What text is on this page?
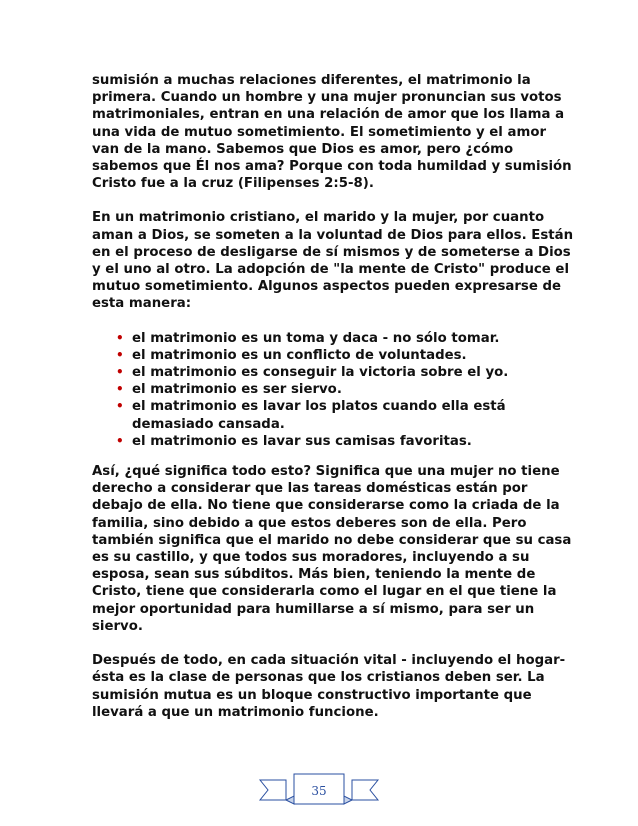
sumisión a muchas relaciones diferentes, el matrimonio la
primera. Cuando un hombre y una mujer pronuncian sus votos
matrimoniales, entran en una relación de amor que los llama a
una vida de mutuo sometimiento. El sometimiento y el amor
van de la mano. Sabemos que Dios es amor, pero ¿cómo
sabemos que Él nos ama? Porque con toda humildad y sumisión
Cristo fue a la cruz (Filipenses 2:5-8).

En un matrimonio cristiano, el marido y la mujer, por cuanto
aman a Dios, se someten a la voluntad de Dios para ellos. Están
en el proceso de desligarse de sí mismos y de someterse a Dios
y el uno al otro. La adopción de "la mente de Cristo" produce el
mutuo sometimiento. Algunos aspectos pueden expresarse de
esta manera:

• el matrimonio es un toma y daca - no sólo tomar.
• el matrimonio es un conflicto de voluntades.
• el matrimonio es conseguir la victoria sobre el yo.
• el matrimonio es ser siervo.
• el matrimonio es lavar los platos cuando ella está
demasiado cansada.
• el matrimonio es lavar sus camisas favoritas.

Así, ¿qué significa todo esto? Significa que una mujer no tiene
derecho a considerar que las tareas domésticas están por
debajo de ella. No tiene que considerarse como la criada de la
familia, sino debido a que estos deberes son de ella. Pero
también significa que el marido no debe considerar que su casa
es su castillo, y que todos sus moradores, incluyendo a su
esposa, sean sus súbditos. Más bien, teniendo la mente de
Cristo, tiene que considerarla como el lugar en el que tiene la
mejor oportunidad para humillarse a sí mismo, para ser un
siervo.

Después de todo, en cada situación vital - incluyendo el hogar-
ésta es la clase de personas que los cristianos deben ser. La
sumisión mutua es un bloque constructivo importante que
llevará a que un matrimonio funcione.

35
